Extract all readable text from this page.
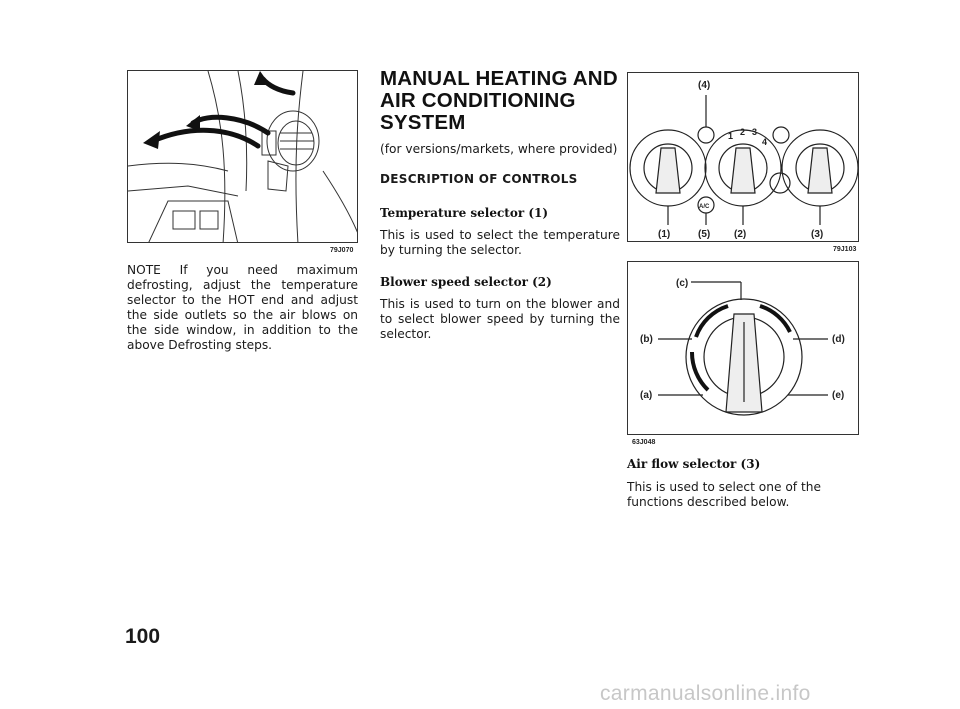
79J070
NOTE If you need maximum defrosting, adjust the temperature selector to the HOT end and adjust the side outlets so the air blows on the side window, in addition to the above Defrosting steps.
MANUAL HEATING AND
AIR CONDITIONING
SYSTEM
(for versions/markets, where provided)
DESCRIPTION OF CONTROLS
Temperature selector (1)
This is used to select the temperature by turning the selector.
Blower speed selector (2)
This is used to turn on the blower and to select blower speed by turning the selector.
(4)
(1)	(5) (2)	(3)
1 2 3
4
A/C
79J103
(c)
(b)	(d)
(a)	(e)
63J048
Air flow selector (3)
This is used to select one of the functions described below.
100
carmanualsonline.info
